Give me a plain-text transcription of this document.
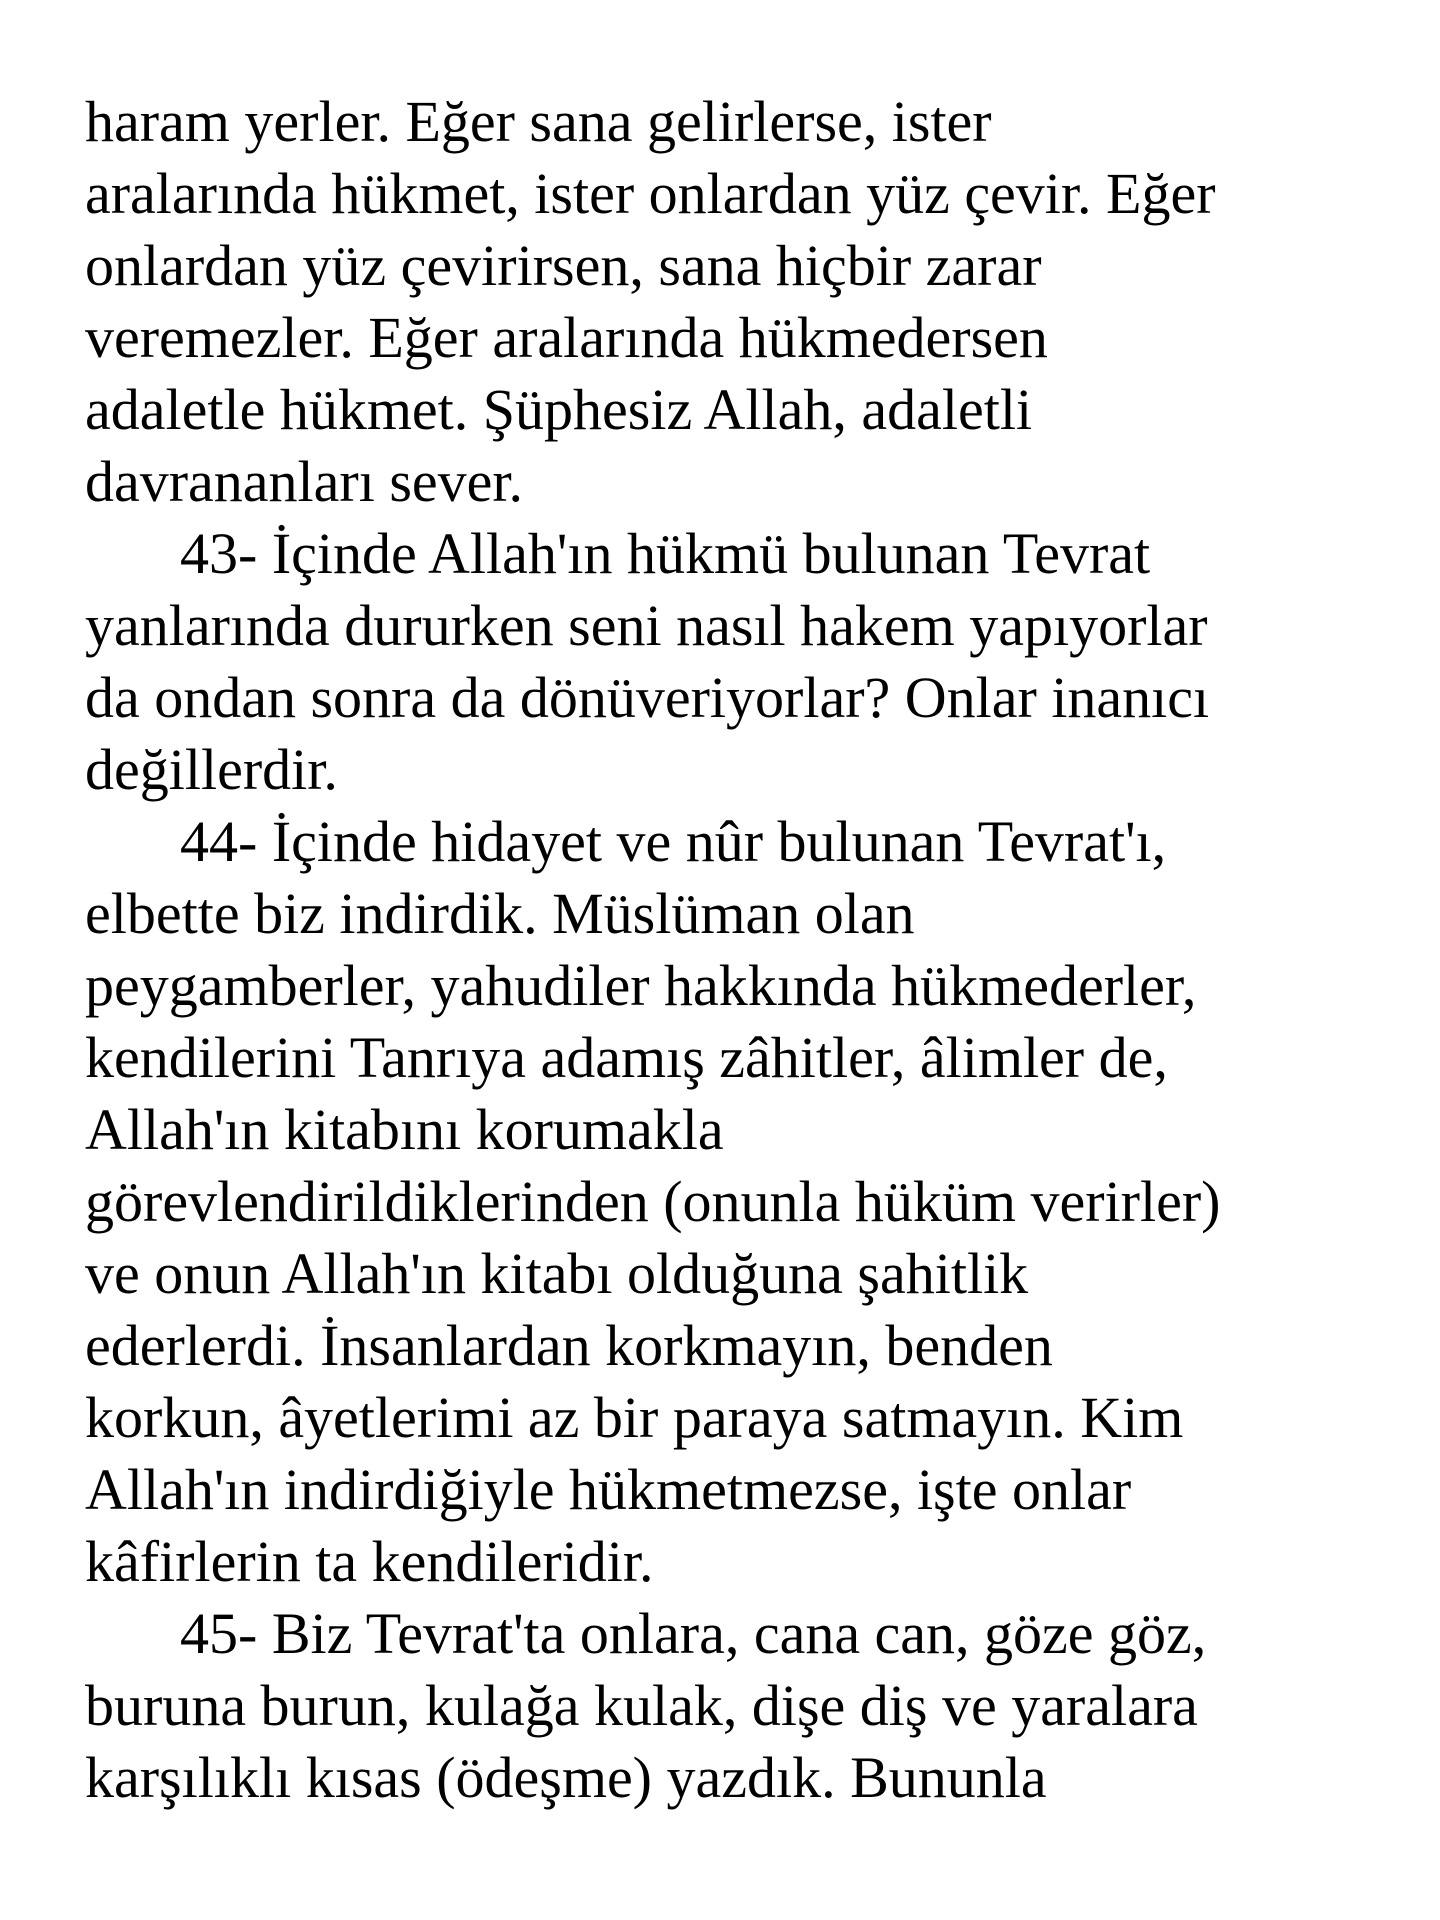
haram yerler. Eğer sana gelirlerse, ister
aralarında hükmet, ister onlardan yüz çevir. Eğer
onlardan yüz çevirirsen, sana hiçbir zarar
veremezler. Eğer aralarında hükmedersen
adaletle hükmet. Şüphesiz Allah, adaletli
davrananları sever.
43- İçinde Allah'ın hükmü bulunan Tevrat
yanlarında dururken seni nasıl hakem yapıyorlar
da ondan sonra da dönüveriyorlar? Onlar inanıcı
değillerdir.
44- İçinde hidayet ve nûr bulunan Tevrat'ı,
elbette biz indirdik. Müslüman olan
peygamberler, yahudiler hakkında hükmederler,
kendilerini Tanrıya adamış zâhitler, âlimler de,
Allah'ın kitabını korumakla
görevlendirildiklerinden (onunla hüküm verirler)
ve onun Allah'ın kitabı olduğuna şahitlik
ederlerdi. İnsanlardan korkmayın, benden
korkun, âyetlerimi az bir paraya satmayın. Kim
Allah'ın indirdiğiyle hükmetmezse, işte onlar
kâfirlerin ta kendileridir.
45- Biz Tevrat'ta onlara, cana can, göze göz,
buruna burun, kulağa kulak, dişe diş ve yaralara
karşılıklı kısas (ödeşme) yazdık. Bununla
